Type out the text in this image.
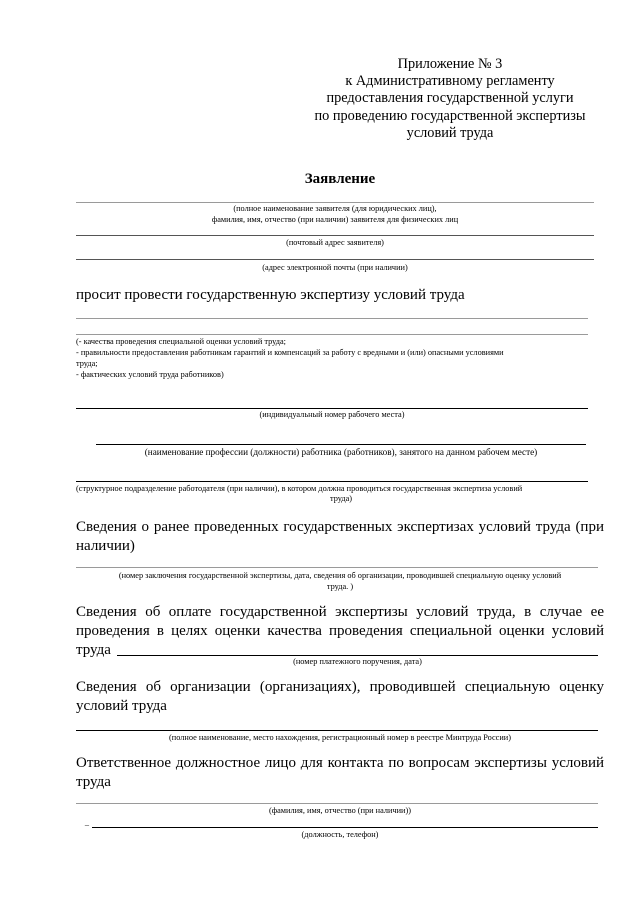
Приложение № 3
к Административному регламенту
предоставления государственной услуги
по проведению государственной экспертизы
условий труда
Заявление
(полное наименование заявителя (для юридических лиц),
фамилия, имя, отчество (при наличии) заявителя для физических лиц
(почтовый адрес заявителя)
(адрес электронной почты (при наличии)
просит провести государственную экспертизу условий труда
(- качества проведения специальной оценки условий труда;
- правильности предоставления работникам гарантий и компенсаций за работу с вредными и (или) опасными условиями
труда;
- фактических условий труда работников)
(индивидуальный номер рабочего места)
(наименование профессии (должности) работника (работников), занятого на данном рабочем месте)
(структурное подразделение работодателя (при наличии), в котором должна проводиться государственная экспертиза условий
труда)
Сведения о ранее проведенных государственных экспертизах условий труда (при
наличии)
(номер заключения государственной экспертизы, дата, сведения об организации, проводившей специальную оценку условий
труда. )
Сведения об оплате государственной экспертизы условий труда, в случае ее
проведения в целях оценки качества проведения специальной оценки условий
труда
(номер платежного поручения, дата)
Сведения об организации (организациях), проводившей специальную оценку
условий труда
(полное наименование, место нахождения, регистрационный номер в реестре Минтруда России)
Ответственное должностное лицо для контакта по вопросам экспертизы условий
труда
(фамилия, имя, отчество (при наличии))
–
(должность, телефон)
